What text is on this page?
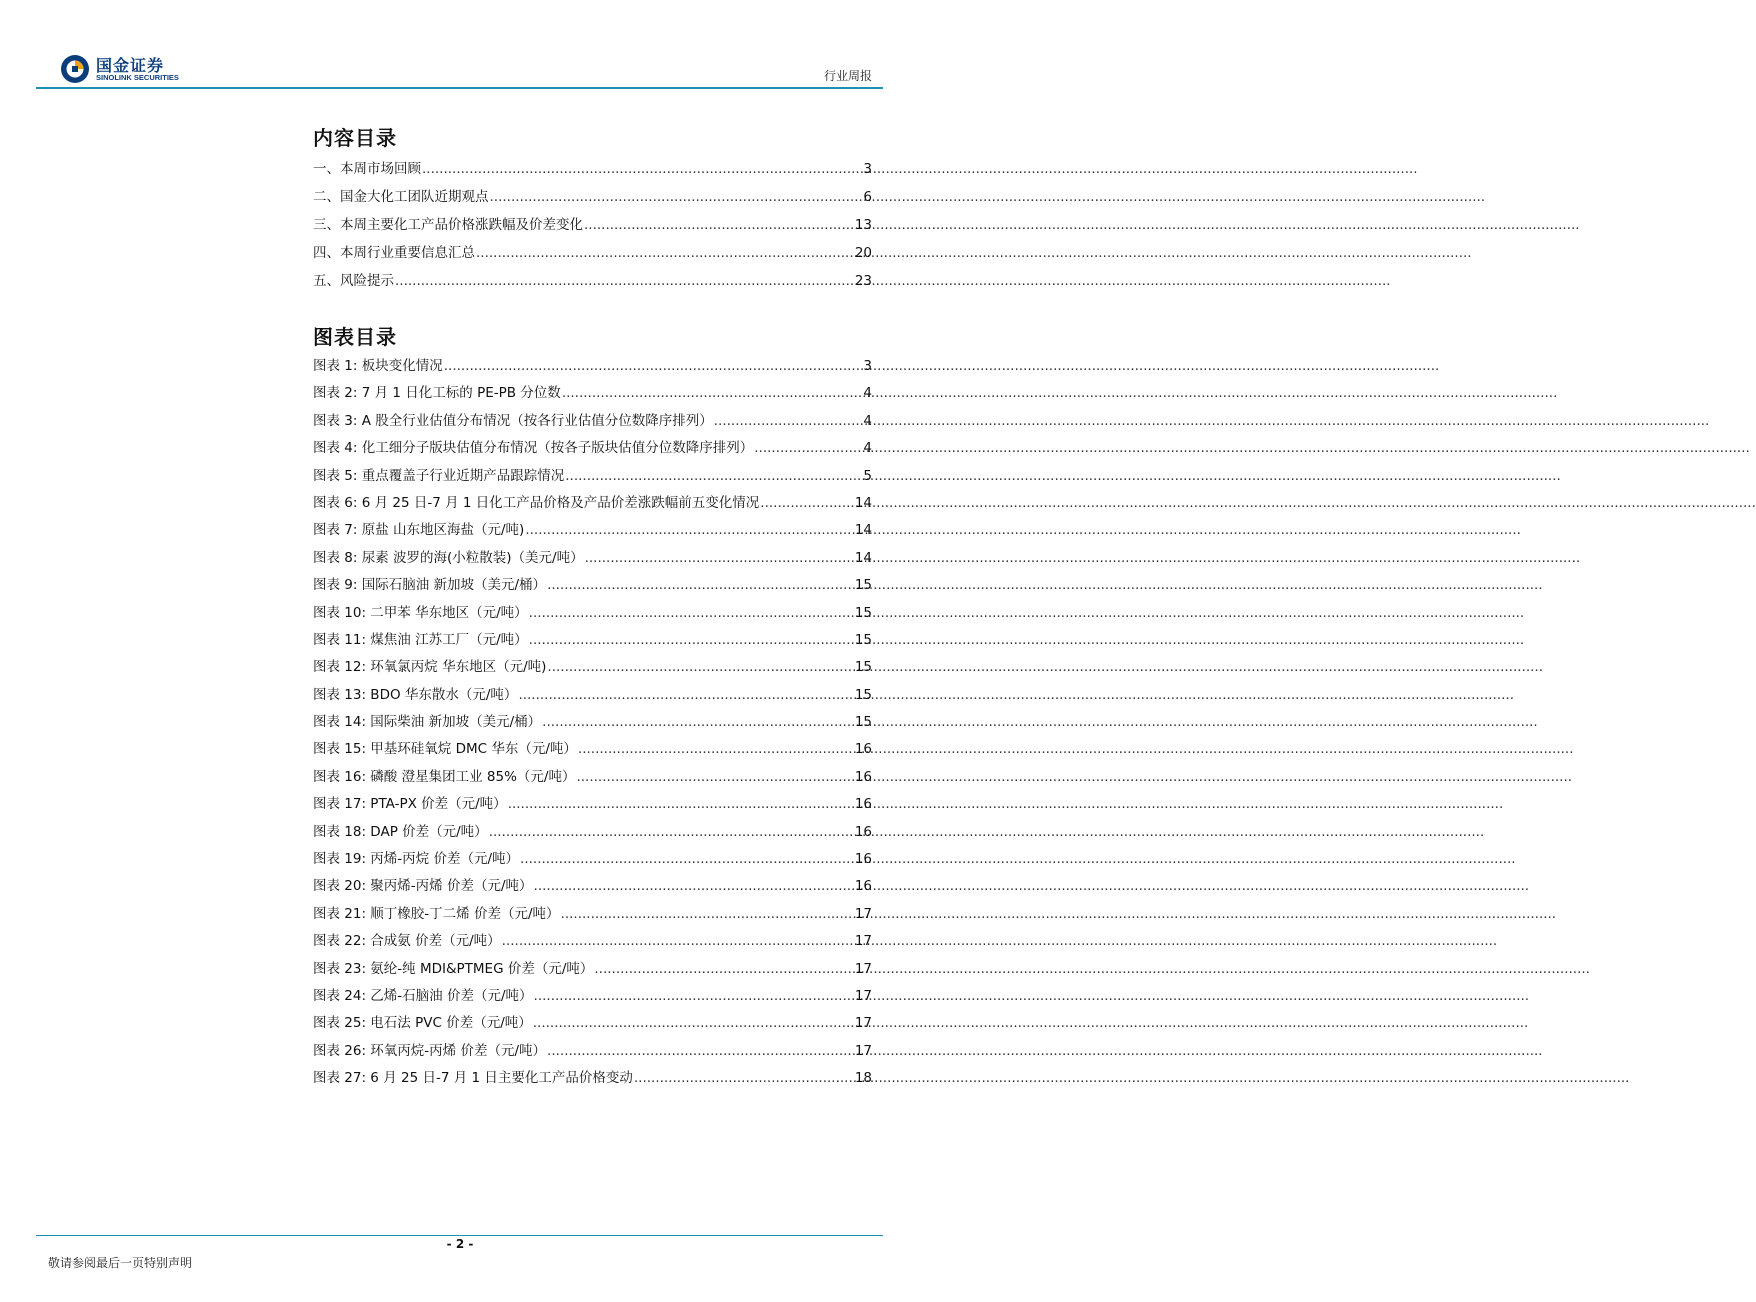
国金证券
SINOLINK SECURITIES	行业周报
内容目录
一、本周市场回顾 .....	3
二、国金大化工团队近期观点 .....	6
三、本周主要化工产品价格涨跌幅及价差变化 .....	13
四、本周行业重要信息汇总 .....	20
五、风险提示 .....	23
图表目录
图表 1: 板块变化情况 .....	3
图表 2: 7 月 1 日化工标的 PE-PB 分位数 .....	4
图表 3: A 股全行业估值分布情况（按各行业估值分位数降序排列） .....	4
图表 4: 化工细分子版块估值分布情况（按各子版块估值分位数降序排列） .....	4
图表 5: 重点覆盖子行业近期产品跟踪情况 .....	5
图表 6: 6 月 25 日-7 月 1 日化工产品价格及产品价差涨跌幅前五变化情况 .....	14
图表 7: 原盐 山东地区海盐（元/吨) .....	14
图表 8: 尿素 波罗的海(小粒散装)（美元/吨） .....	14
图表 9: 国际石脑油 新加坡（美元/桶） .....	15
图表 10: 二甲苯 华东地区（元/吨） .....	15
图表 11: 煤焦油 江苏工厂（元/吨） .....	15
图表 12: 环氧氯丙烷 华东地区（元/吨) .....	15
图表 13: BDO 华东散水（元/吨） .....	15
图表 14: 国际柴油 新加坡（美元/桶） .....	15
图表 15: 甲基环硅氧烷 DMC 华东（元/吨） .....	16
图表 16: 磷酸 澄星集团工业 85%（元/吨） .....	16
图表 17: PTA-PX 价差（元/吨） .....	16
图表 18: DAP 价差（元/吨） .....	16
图表 19: 丙烯-丙烷 价差（元/吨） .....	16
图表 20: 聚丙烯-丙烯 价差（元/吨） .....	16
图表 21: 顺丁橡胶-丁二烯 价差（元/吨） .....	17
图表 22: 合成氨 价差（元/吨） .....	17
图表 23: 氨纶-纯 MDI&PTMEG 价差（元/吨） .....	17
图表 24: 乙烯-石脑油 价差（元/吨） .....	17
图表 25: 电石法 PVC 价差（元/吨） .....	17
图表 26: 环氧丙烷-丙烯 价差（元/吨） .....	17
图表 27: 6 月 25 日-7 月 1 日主要化工产品价格变动 .....	18
- 2 -
敬请参阅最后一页特别声明
